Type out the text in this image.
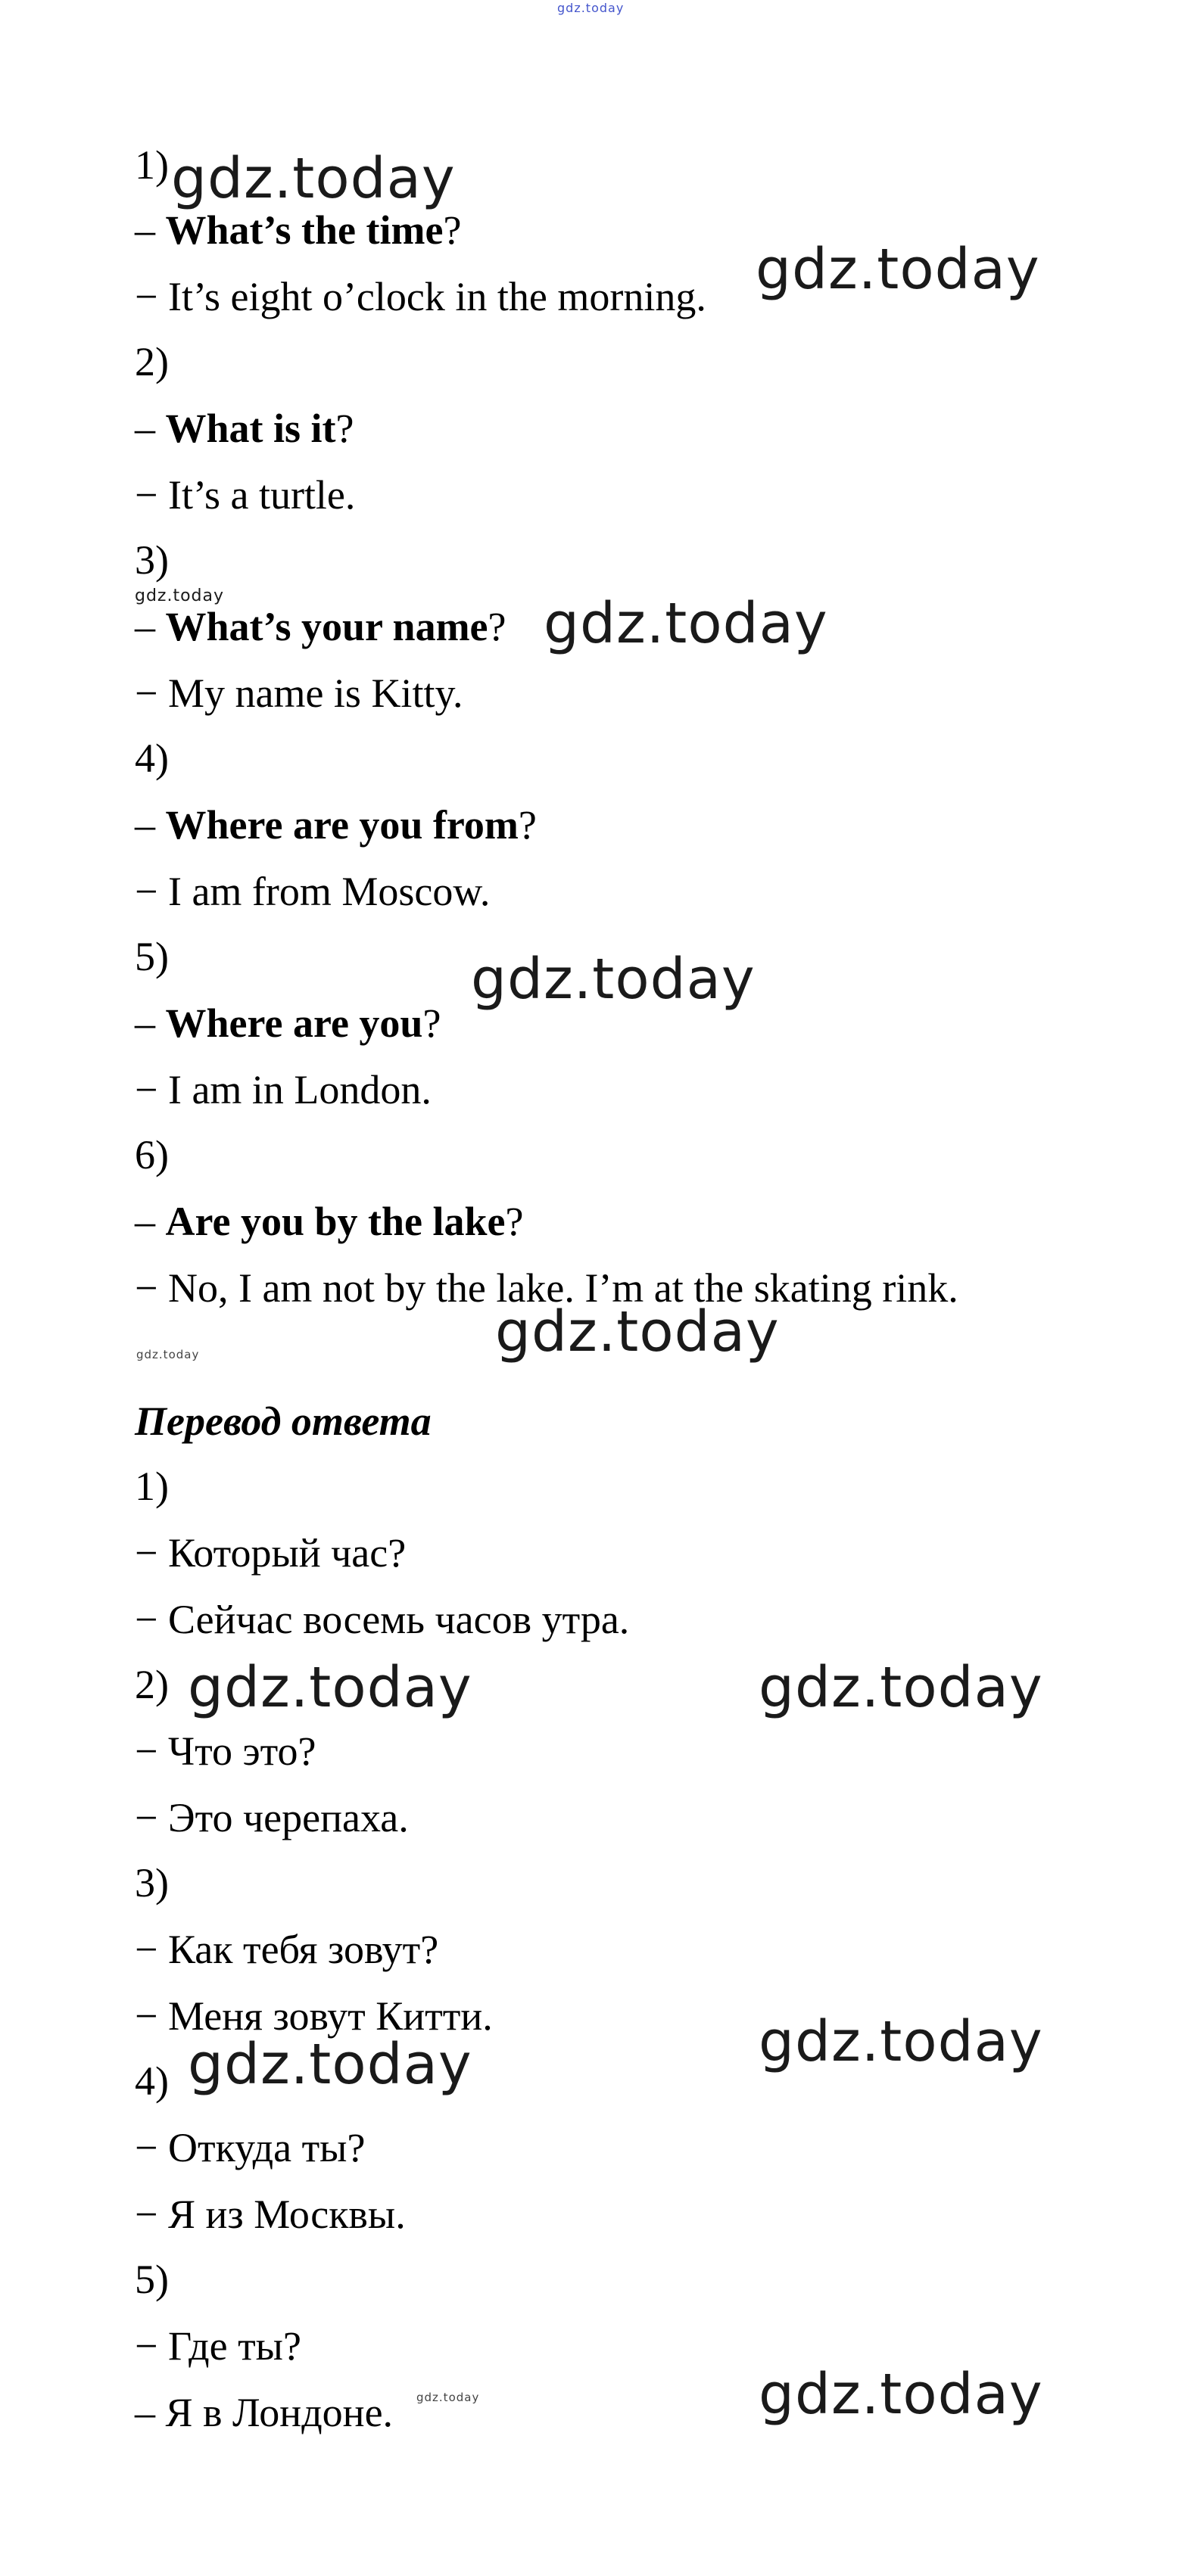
gdz.today

1)

– What’s the time?

− It’s eight o’clock in the morning.

2)

– What is it?

− It’s a turtle.

3)

– What’s your name?

− My name is Kitty.

4)

– Where are you from?

− I am from Moscow.

5)

– Where are you?

− I am in London.

6)

– Are you by the lake?

− No, I am not by the lake. I’m at the skating rink.

Перевод ответа

1)

− Который час?

− Сейчас восемь часов утра.

2)

− Что это?

− Это черепаха.

3)

− Как тебя зовут?

− Меня зовут Китти.

4)

− Откуда ты?

− Я из Москвы.

5)

− Где ты?

– Я в Лондоне.

gdz.today
gdz.today
gdz.today
gdz.today
gdz.today
gdz.today	gdz.today
gdz.today	gdz.today
gdz.today
gdz.today
gdz.today
gdz.today
